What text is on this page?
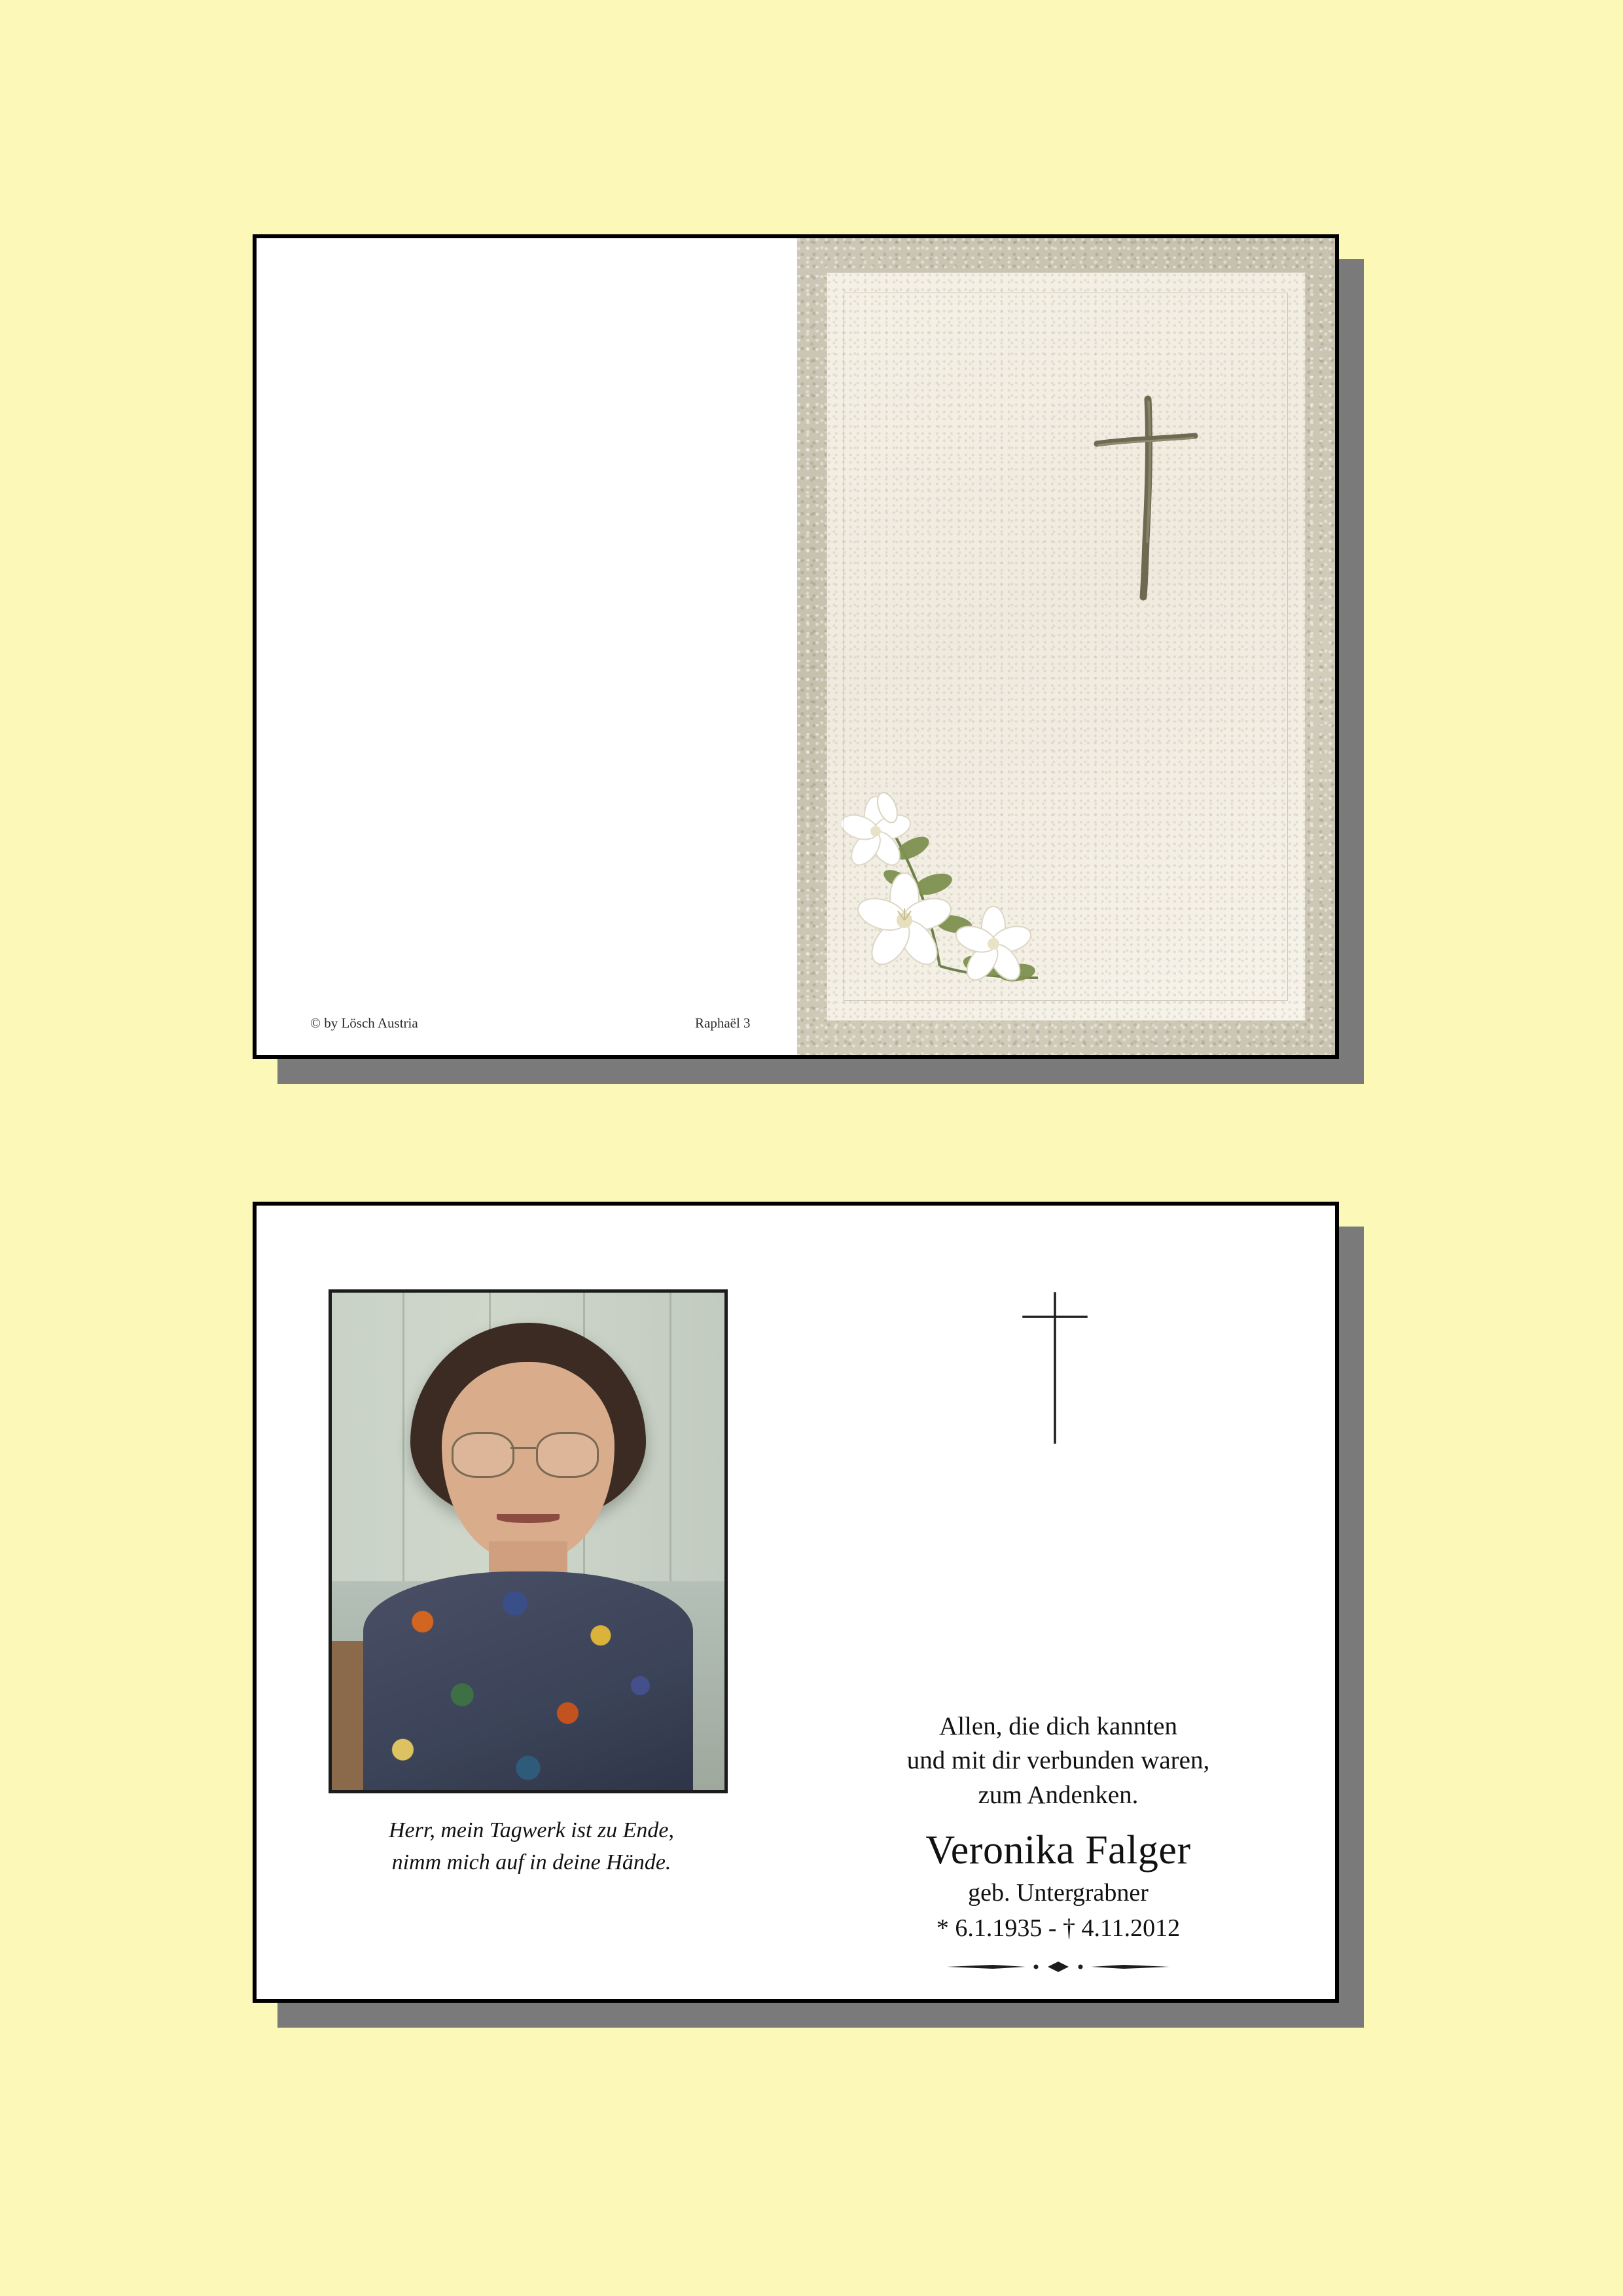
© by Lösch Austria	Raphaël 3
Herr, mein Tagwerk ist zu Ende,
nimm mich auf in deine Hände.
Allen, die dich kannten
und mit dir verbunden waren,
zum Andenken.
Veronika Falger
geb. Untergrabner
* 6.1.1935 - † 4.11.2012
